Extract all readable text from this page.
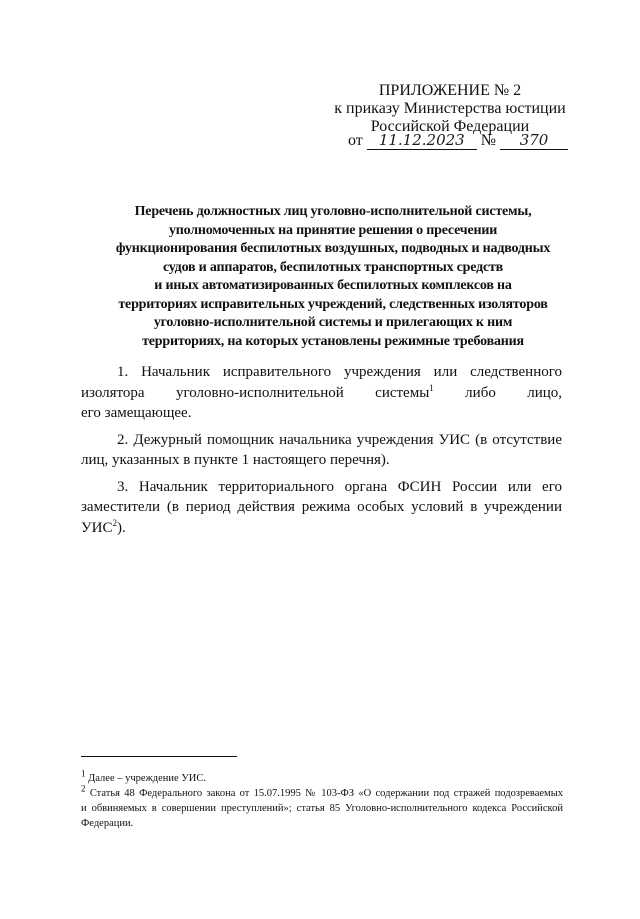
ПРИЛОЖЕНИЕ № 2
к приказу Министерства юстиции
Российской Федерации
от 11.12.2023 № 370
Перечень должностных лиц уголовно-исполнительной системы,
уполномоченных на принятие решения о пресечении
функционирования беспилотных воздушных, подводных и надводных
судов и аппаратов, беспилотных транспортных средств
и иных автоматизированных беспилотных комплексов на
территориях исправительных учреждений, следственных изоляторов
уголовно-исполнительной системы и прилегающих к ним
территориях, на которых установлены режимные требования
1. Начальник исправительного учреждения или следственного
изолятора уголовно-исполнительной системы$^1$ либо лицо,
его замещающее.
2. Дежурный помощник начальника учреждения УИС (в отсутствие
лиц, указанных в пункте 1 настоящего перечня).
3. Начальник территориального органа ФСИН России или его
заместители (в период действия режима особых условий в учреждении
УИС$^2$).
$^1$ Далее – учреждение УИС.
$^2$ Статья 48 Федерального закона от 15.07.1995 № 103-ФЗ «О содержании под стражей подозреваемых
и обвиняемых в совершении преступлений»; статья 85 Уголовно-исполнительного кодекса Российской
Федерации.
